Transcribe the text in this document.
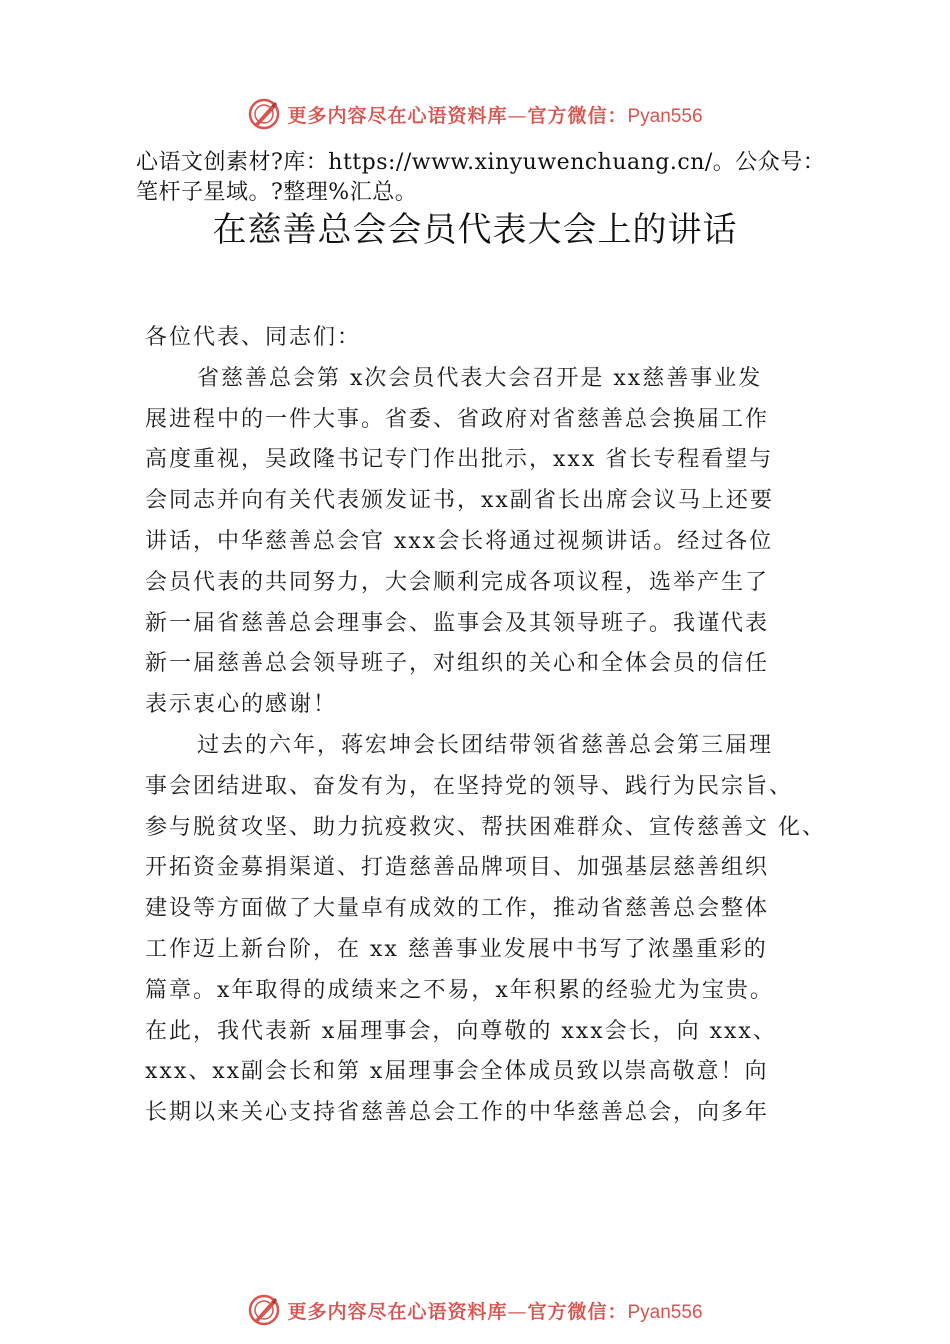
更多内容尽在心语资料库—官方微信：Pyan556
心语文创素材?库：https://www.xinyuwenchuang.cn/。公众号：
笔杆子星域。?整理%汇总。
在慈善总会会员代表大会上的讲话
各位代表、同志们：
省慈善总会第 x次会员代表大会召开是 xx慈善事业发
展进程中的一件大事。省委、省政府对省慈善总会换届工作
高度重视，吴政隆书记专门作出批示，xxx 省长专程看望与
会同志并向有关代表颁发证书，xx副省长出席会议马上还要
讲话，中华慈善总会官 xxx会长将通过视频讲话。经过各位
会员代表的共同努力，大会顺利完成各项议程，选举产生了
新一届省慈善总会理事会、监事会及其领导班子。我谨代表
新一届慈善总会领导班子，对组织的关心和全体会员的信任
表示衷心的感谢！
过去的六年，蒋宏坤会长团结带领省慈善总会第三届理
事会团结进取、奋发有为，在坚持党的领导、践行为民宗旨、
参与脱贫攻坚、助力抗疫救灾、帮扶困难群众、宣传慈善文 化、
开拓资金募捐渠道、打造慈善品牌项目、加强基层慈善组织
建设等方面做了大量卓有成效的工作，推动省慈善总会整体
工作迈上新台阶，在 xx 慈善事业发展中书写了浓墨重彩的
篇章。x年取得的成绩来之不易，x年积累的经验尤为宝贵。
在此，我代表新 x届理事会，向尊敬的 xxx会长，向 xxx、
xxx、xx副会长和第 x届理事会全体成员致以崇高敬意！向
长期以来关心支持省慈善总会工作的中华慈善总会，向多年
更多内容尽在心语资料库—官方微信：Pyan556
